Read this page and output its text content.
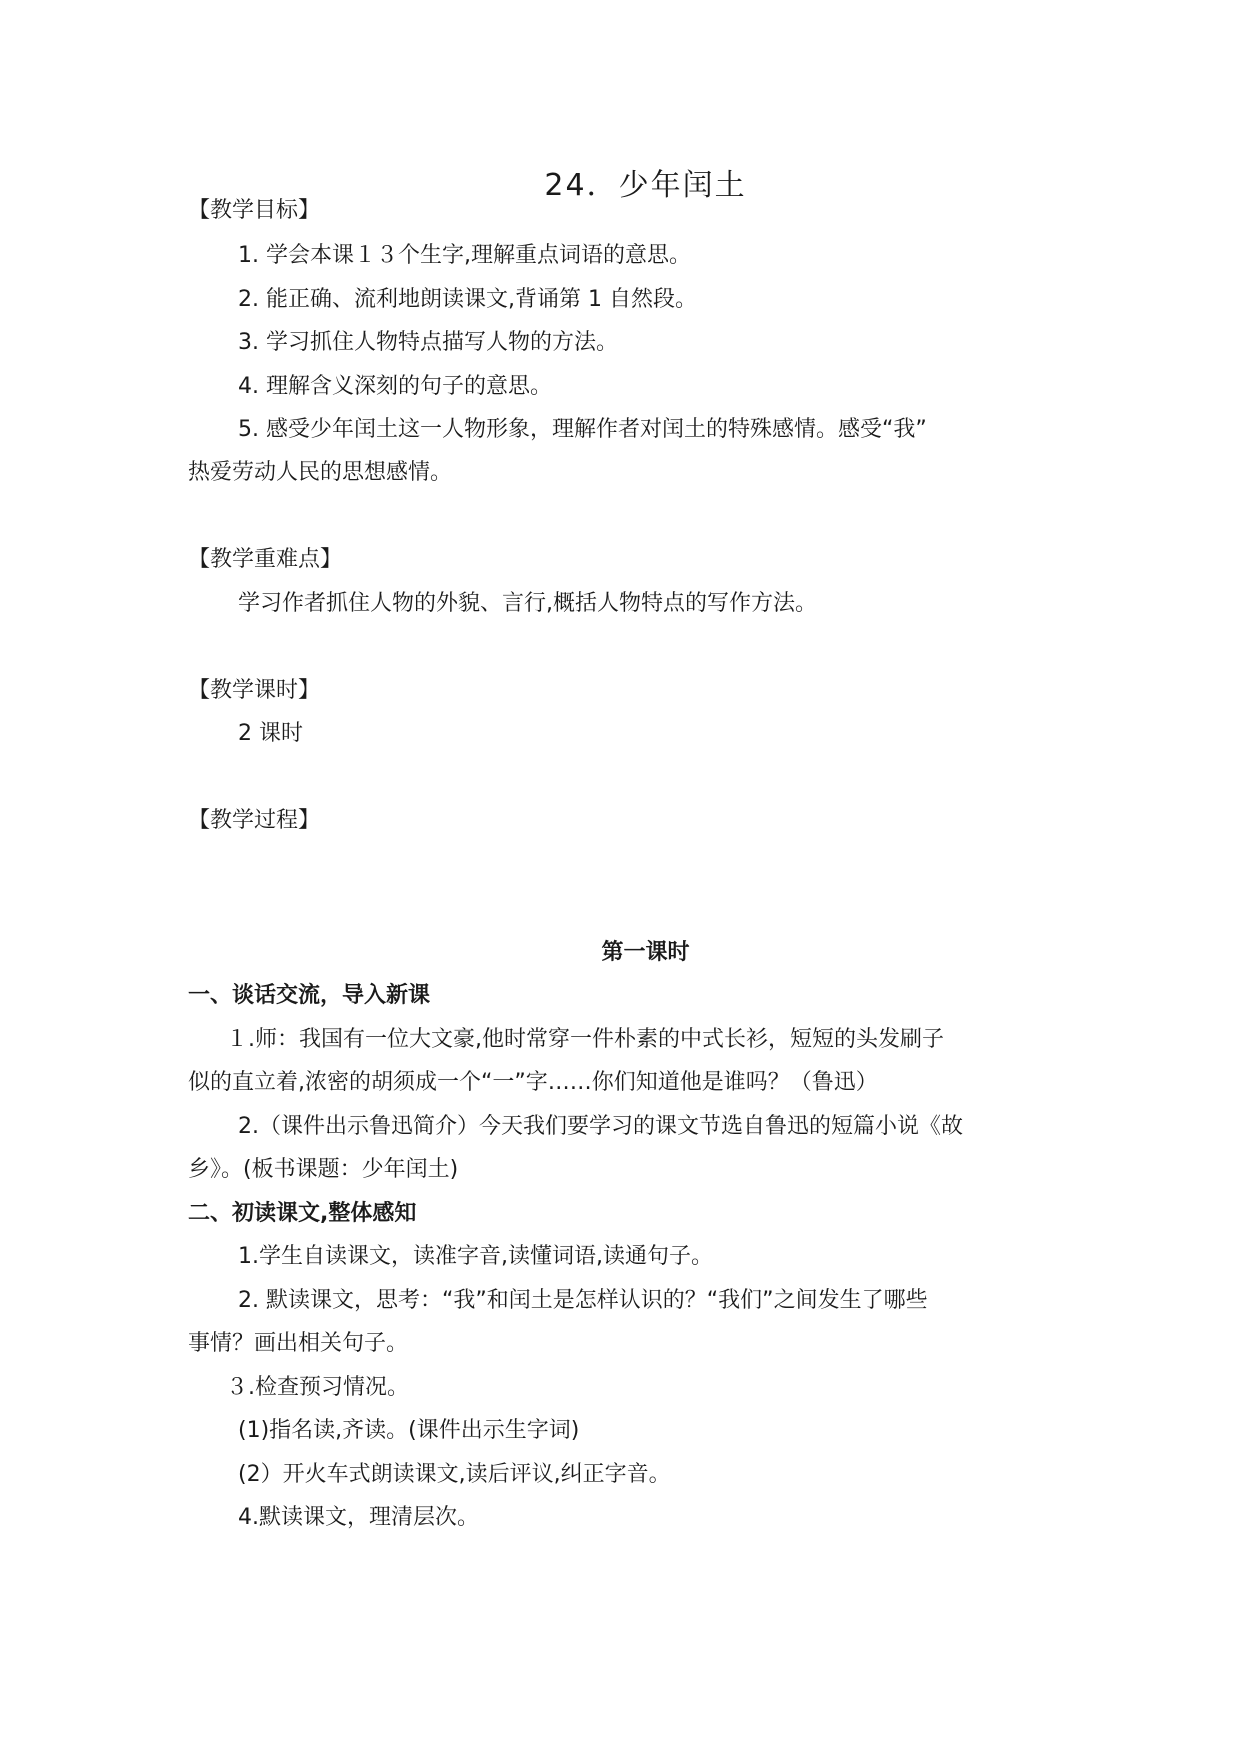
24．少年闰土
【教学目标】
1. 学会本课１３个生字,理解重点词语的意思。
2. 能正确、流利地朗读课文,背诵第 1 自然段。
3. 学习抓住人物特点描写人物的方法。
4. 理解含义深刻的句子的意思。
5. 感受少年闰土这一人物形象，理解作者对闰土的特殊感情。感受“我”
热爱劳动人民的思想感情。
【教学重难点】
学习作者抓住人物的外貌、言行,概括人物特点的写作方法。
【教学课时】
2 课时
【教学过程】
第一课时
一、谈话交流，导入新课
１.师：我国有一位大文豪,他时常穿一件朴素的中式长衫，短短的头发刷子
似的直立着,浓密的胡须成一个“一”字……你们知道他是谁吗？（鲁迅）
2.（课件出示鲁迅简介）今天我们要学习的课文节选自鲁迅的短篇小说《故
乡》。(板书课题：少年闰土)
二、初读课文,整体感知
1.学生自读课文，读准字音,读懂词语,读通句子。
2. 默读课文，思考：“我”和闰土是怎样认识的？“我们”之间发生了哪些
事情？画出相关句子。
３.检查预习情况。
(1)指名读,齐读。(课件出示生字词)
(2）开火车式朗读课文,读后评议,纠正字音。
4.默读课文，理清层次。
